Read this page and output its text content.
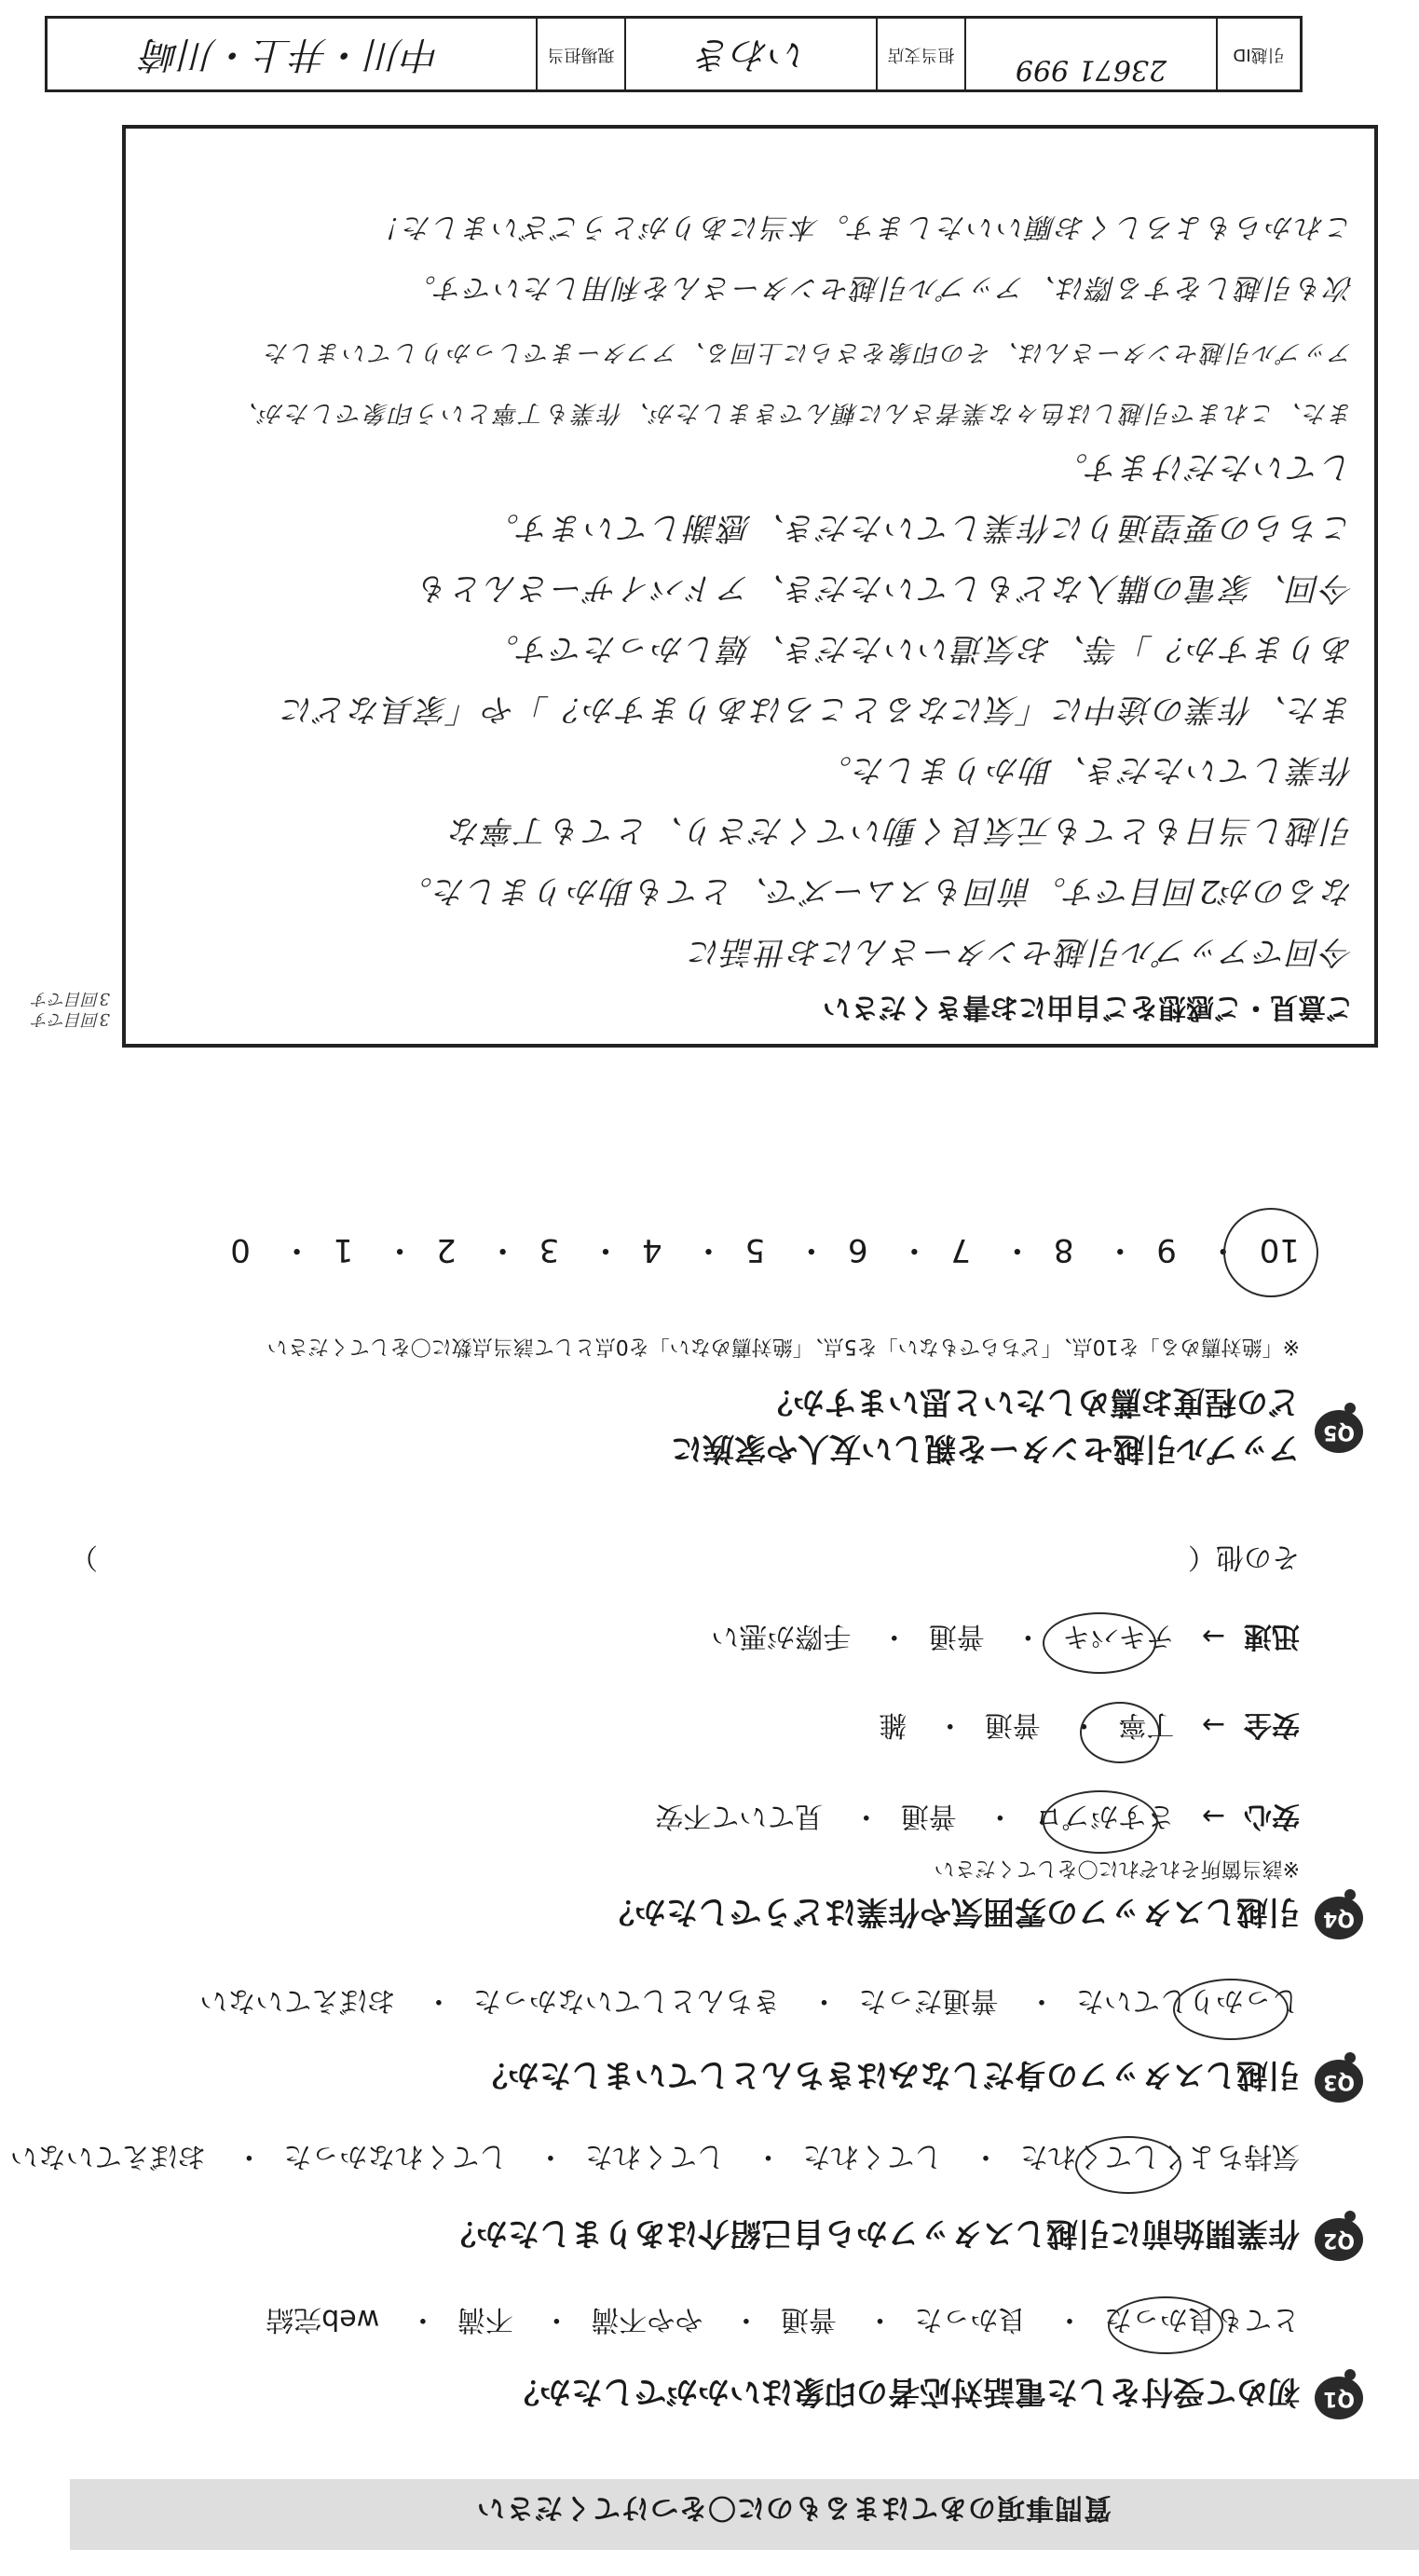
質問事項のあてはまるものに〇をつけてください
Q1
初めて受付をした電話対応者の印象はいかがでしたか？
とても良かった・ 良かった・ 普通・ やや不満・ 不満・ web完結
Q2
作業開始前に引越しスタッフから自己紹介はありましたか？
気持ちよくしてくれた・ してくれた・ してくれた・ してくれなかった・ おぼえていない
Q3
引越しスタッフの身だしなみはきちんとしていましたか？
しっかりしていた・ 普通だった・ きちんとしていなかった・ おぼえていない
Q4
引越しスタッフの雰囲気や作業はどうでしたか？
※該当箇所それぞれに〇をしてください
安心→ さすがプロ・ 普通・ 見ていて不安
安全→ 丁寧・ 普通・ 雑
迅速→ テキパキ・ 普通・ 手際が悪い
その他（
）
Q5
アップル引越センターを親しい友人や家族に
どの程度お薦めしたいと思いますか？
※「絶対薦める」を10点、「どちらでもない」を5点、「絶対薦めない」を0点として該当点数に〇をしてください
10・ 9・ 8・ 7・ 6・ 5・ 4・ 3・ 2・ 1・ 0
ご意見・ご感想をご自由にお書きください
今回でアップル引越センターさんにお世話に
なるのが2回目です。前回もスムーズで、とても助かりました。
引越し当日もとても元気良く動いてくださり、とても丁寧な
作業していただき、助かりました。
また、作業の途中に「気になるところはありますか？」や「家具などに
ありますか？」等、お気遣いいただき、嬉しかったです。
今回、家電の購入などもしていただき、アドバイザーさんとも
こちらの要望通りに作業していただき、感謝しています。
していただけます。
また、これまで引越しは色々な業者さんに頼んできましたが、作業も丁寧という印象でしたが、
アップル引越センターさんは、その印象をさらに上回る、アフターまでしっかりしていました
次も引越しをする際は、アップル引越センターさんを利用したいです。
これからもよろしくお願いいたします。本当にありがとうございました！
3回目です 3回目です
引越ID
23671 999
担当支店
いわき
現場担当
中川・井上・川崎
